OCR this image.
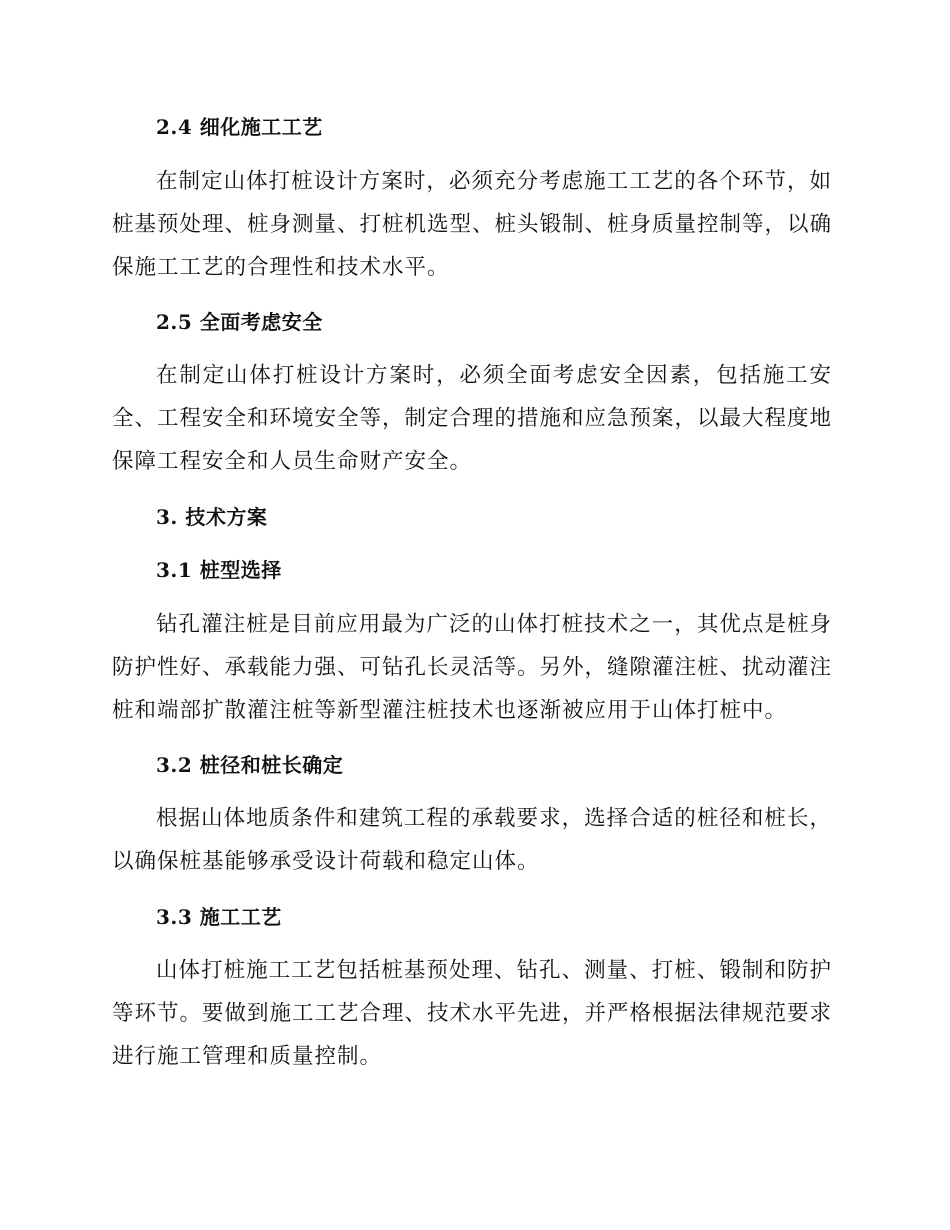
2.4 细化施工工艺

在制定山体打桩设计方案时，必须充分考虑施工工艺的各个环节，如桩基预处理、桩身测量、打桩机选型、桩头锻制、桩身质量控制等，以确保施工工艺的合理性和技术水平。

2.5 全面考虑安全

在制定山体打桩设计方案时，必须全面考虑安全因素，包括施工安全、工程安全和环境安全等，制定合理的措施和应急预案，以最大程度地保障工程安全和人员生命财产安全。

3. 技术方案
3.1 桩型选择

钻孔灌注桩是目前应用最为广泛的山体打桩技术之一，其优点是桩身防护性好、承载能力强、可钻孔长灵活等。另外，缝隙灌注桩、扰动灌注桩和端部扩散灌注桩等新型灌注桩技术也逐渐被应用于山体打桩中。

3.2 桩径和桩长确定

根据山体地质条件和建筑工程的承载要求，选择合适的桩径和桩长，以确保桩基能够承受设计荷载和稳定山体。

3.3 施工工艺

山体打桩施工工艺包括桩基预处理、钻孔、测量、打桩、锻制和防护等环节。要做到施工工艺合理、技术水平先进，并严格根据法律规范要求进行施工管理和质量控制。
